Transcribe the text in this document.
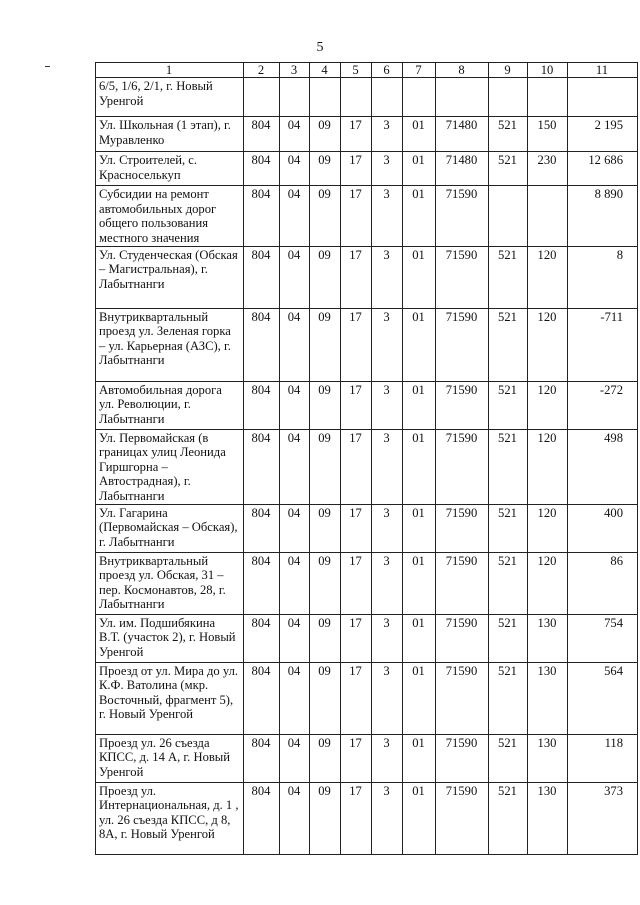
5
1	2	3	4	5	6	7	8	9	10	11
6/5, 1/6, 2/1, г. Новый Уренгой										
Ул. Школьная (1 этап), г. Муравленко	804	04	09	17	3	01	71480	521	150	2 195
Ул. Строителей, с. Красноселькуп	804	04	09	17	3	01	71480	521	230	12 686
Субсидии на ремонт автомобильных дорог общего пользования местного значения	804	04	09	17	3	01	71590			8 890
Ул. Студенческая (Обская – Магистральная), г. Лабытнанги	804	04	09	17	3	01	71590	521	120	8
Внутриквартальный проезд ул. Зеленая горка – ул. Карьерная (АЗС), г. Лабытнанги	804	04	09	17	3	01	71590	521	120	-711
Автомобильная дорога ул. Революции, г. Лабытнанги	804	04	09	17	3	01	71590	521	120	-272
Ул. Первомайская (в границах улиц Леонида Гиршгорна – Автострадная), г. Лабытнанги	804	04	09	17	3	01	71590	521	120	498
Ул. Гагарина (Первомайская – Обская), г. Лабытнанги	804	04	09	17	3	01	71590	521	120	400
Внутриквартальный проезд ул. Обская, 31 – пер. Космонавтов, 28, г. Лабытнанги	804	04	09	17	3	01	71590	521	120	86
Ул. им. Подшибякина В.Т. (участок 2), г. Новый Уренгой	804	04	09	17	3	01	71590	521	130	754
Проезд от ул. Мира до ул. К.Ф. Ватолина (мкр. Восточный, фрагмент 5), г. Новый Уренгой	804	04	09	17	3	01	71590	521	130	564
Проезд ул. 26 съезда КПСС, д. 14 А, г. Новый Уренгой	804	04	09	17	3	01	71590	521	130	118
Проезд ул. Интернациональная, д. 1 , ул. 26 съезда КПСС, д 8, 8А, г. Новый Уренгой	804	04	09	17	3	01	71590	521	130	373
